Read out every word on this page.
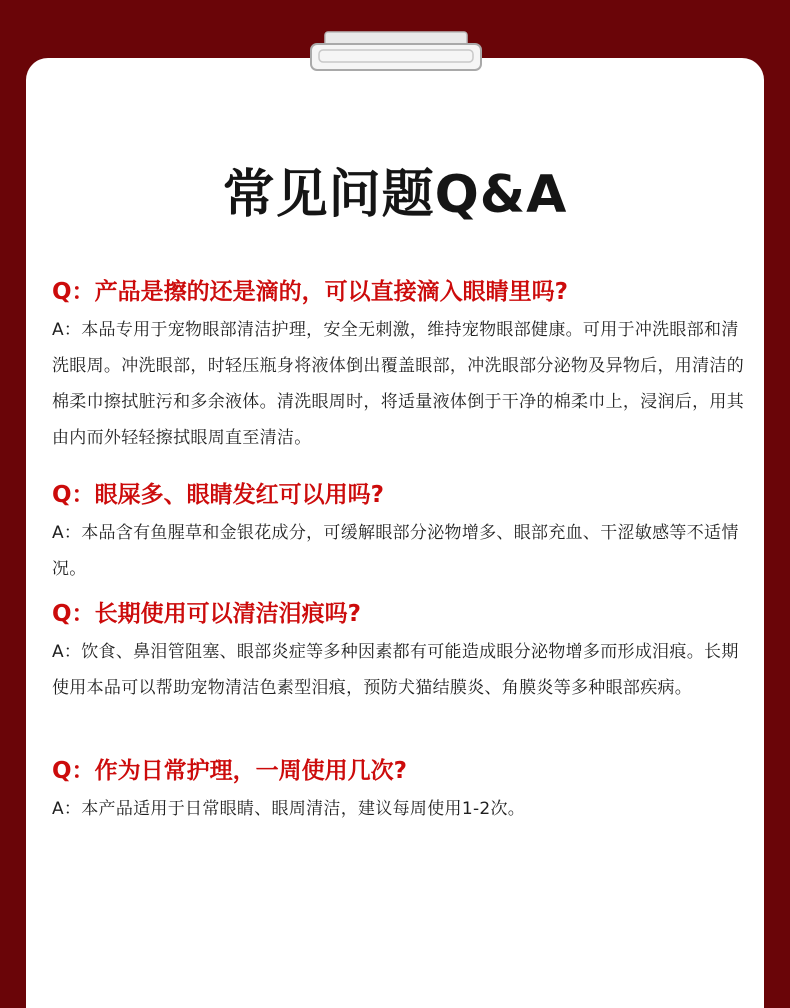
常见问题Q&A

Q：产品是擦的还是滴的，可以直接滴入眼睛里吗?

A：本品专用于宠物眼部清洁护理，安全无刺激，维持宠物眼部健康。可用于冲洗眼部和清洗眼周。冲洗眼部，时轻压瓶身将液体倒出覆盖眼部，冲洗眼部分泌物及异物后，用清洁的棉柔巾擦拭脏污和多余液体。清洗眼周时，将适量液体倒于干净的棉柔巾上，浸润后，用其由内而外轻轻擦拭眼周直至清洁。

Q：眼屎多、眼睛发红可以用吗?

A：本品含有鱼腥草和金银花成分，可缓解眼部分泌物增多、眼部充血、干涩敏感等不适情况。

Q：长期使用可以清洁泪痕吗?

A：饮食、鼻泪管阻塞、眼部炎症等多种因素都有可能造成眼分泌物增多而形成泪痕。长期使用本品可以帮助宠物清洁色素型泪痕，预防犬猫结膜炎、角膜炎等多种眼部疾病。

Q：作为日常护理，一周使用几次?

A：本产品适用于日常眼睛、眼周清洁，建议每周使用1-2次。
